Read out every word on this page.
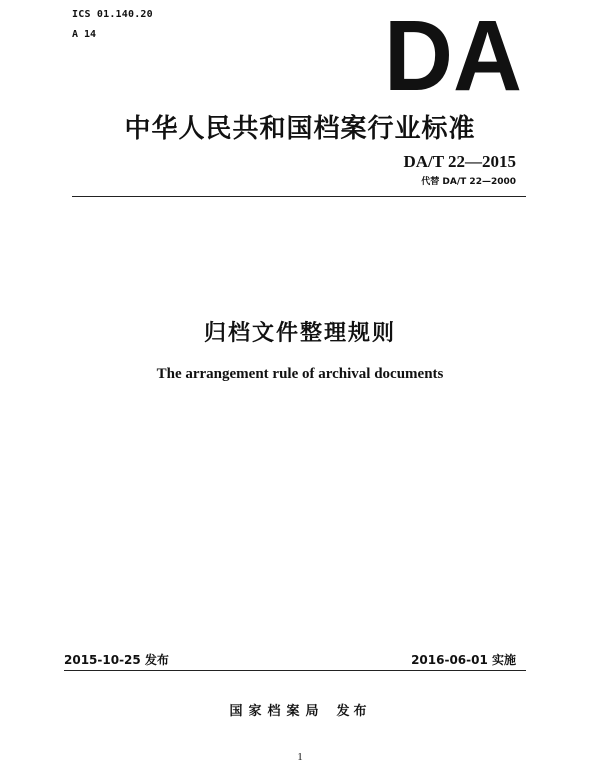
ICS 01.140.20
A 14	DA
中华人民共和国档案行业标准
DA/T 22—2015
代替 DA/T 22—2000
归档文件整理规则
The arrangement rule of archival documents
2015-10-25 发布	2016-06-01 实施
国家档案局 发布
1
